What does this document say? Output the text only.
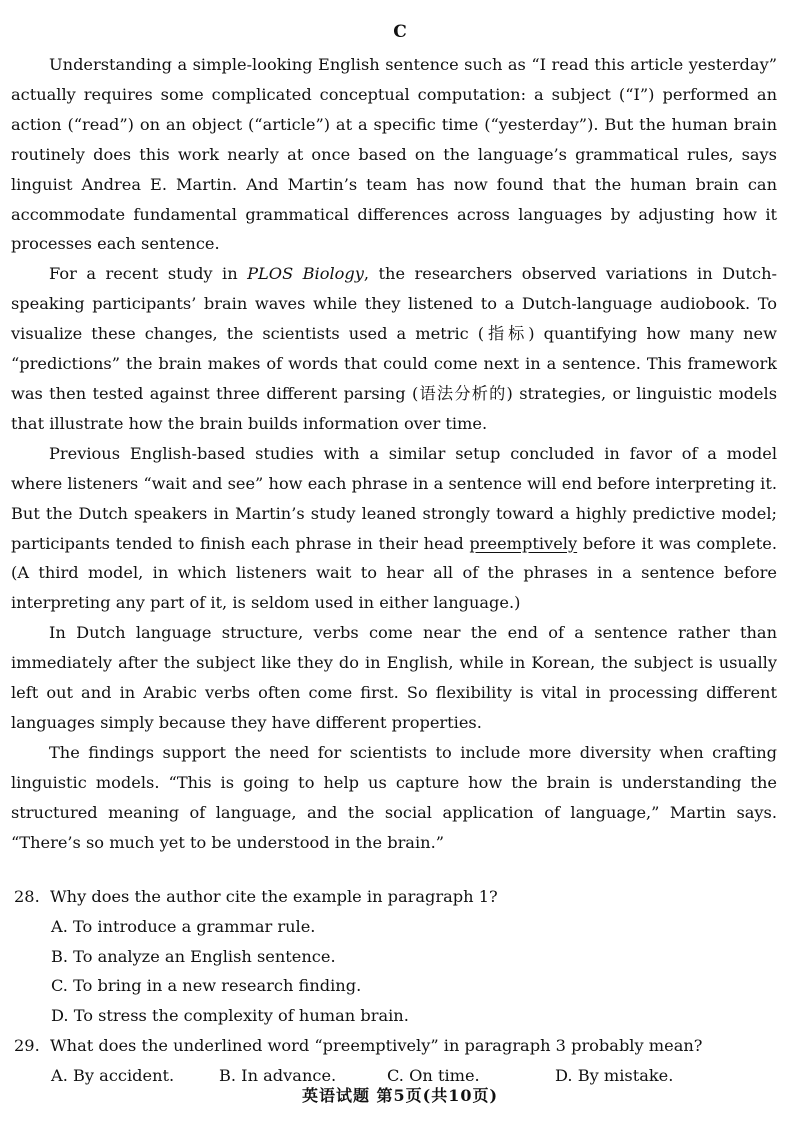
C

Understanding a simple-looking English sentence such as “I read this article yesterday” actually requires some complicated conceptual computation: a subject (“I”) performed an action (“read”) on an object (“article”) at a specific time (“yesterday”). But the human brain routinely does this work nearly at once based on the language’s grammatical rules, says linguist Andrea E. Martin. And Martin’s team has now found that the human brain can accommodate fundamental grammatical differences across languages by adjusting how it processes each sentence.

For a recent study in PLOS Biology, the researchers observed variations in Dutch-speaking participants’ brain waves while they listened to a Dutch-language audiobook. To visualize these changes, the scientists used a metric (指标) quantifying how many new “predictions” the brain makes of words that could come next in a sentence. This framework was then tested against three different parsing (语法分析的) strategies, or linguistic models that illustrate how the brain builds information over time.

Previous English-based studies with a similar setup concluded in favor of a model where listeners “wait and see” how each phrase in a sentence will end before interpreting it. But the Dutch speakers in Martin’s study leaned strongly toward a highly predictive model; participants tended to finish each phrase in their head preemptively before it was complete. (A third model, in which listeners wait to hear all of the phrases in a sentence before interpreting any part of it, is seldom used in either language.)

In Dutch language structure, verbs come near the end of a sentence rather than immediately after the subject like they do in English, while in Korean, the subject is usually left out and in Arabic verbs often come first. So flexibility is vital in processing different languages simply because they have different properties.

The findings support the need for scientists to include more diversity when crafting linguistic models. “This is going to help us capture how the brain is understanding the structured meaning of language, and the social application of language,” Martin says. “There’s so much yet to be understood in the brain.”

28. Why does the author cite the example in paragraph 1?

A. To introduce a grammar rule.

B. To analyze an English sentence.

C. To bring in a new research finding.

D. To stress the complexity of human brain.

29. What does the underlined word “preemptively” in paragraph 3 probably mean?

A. By accident.	B. In advance.	C. On time.	D. By mistake.
英语试题 第5页(共10页)
